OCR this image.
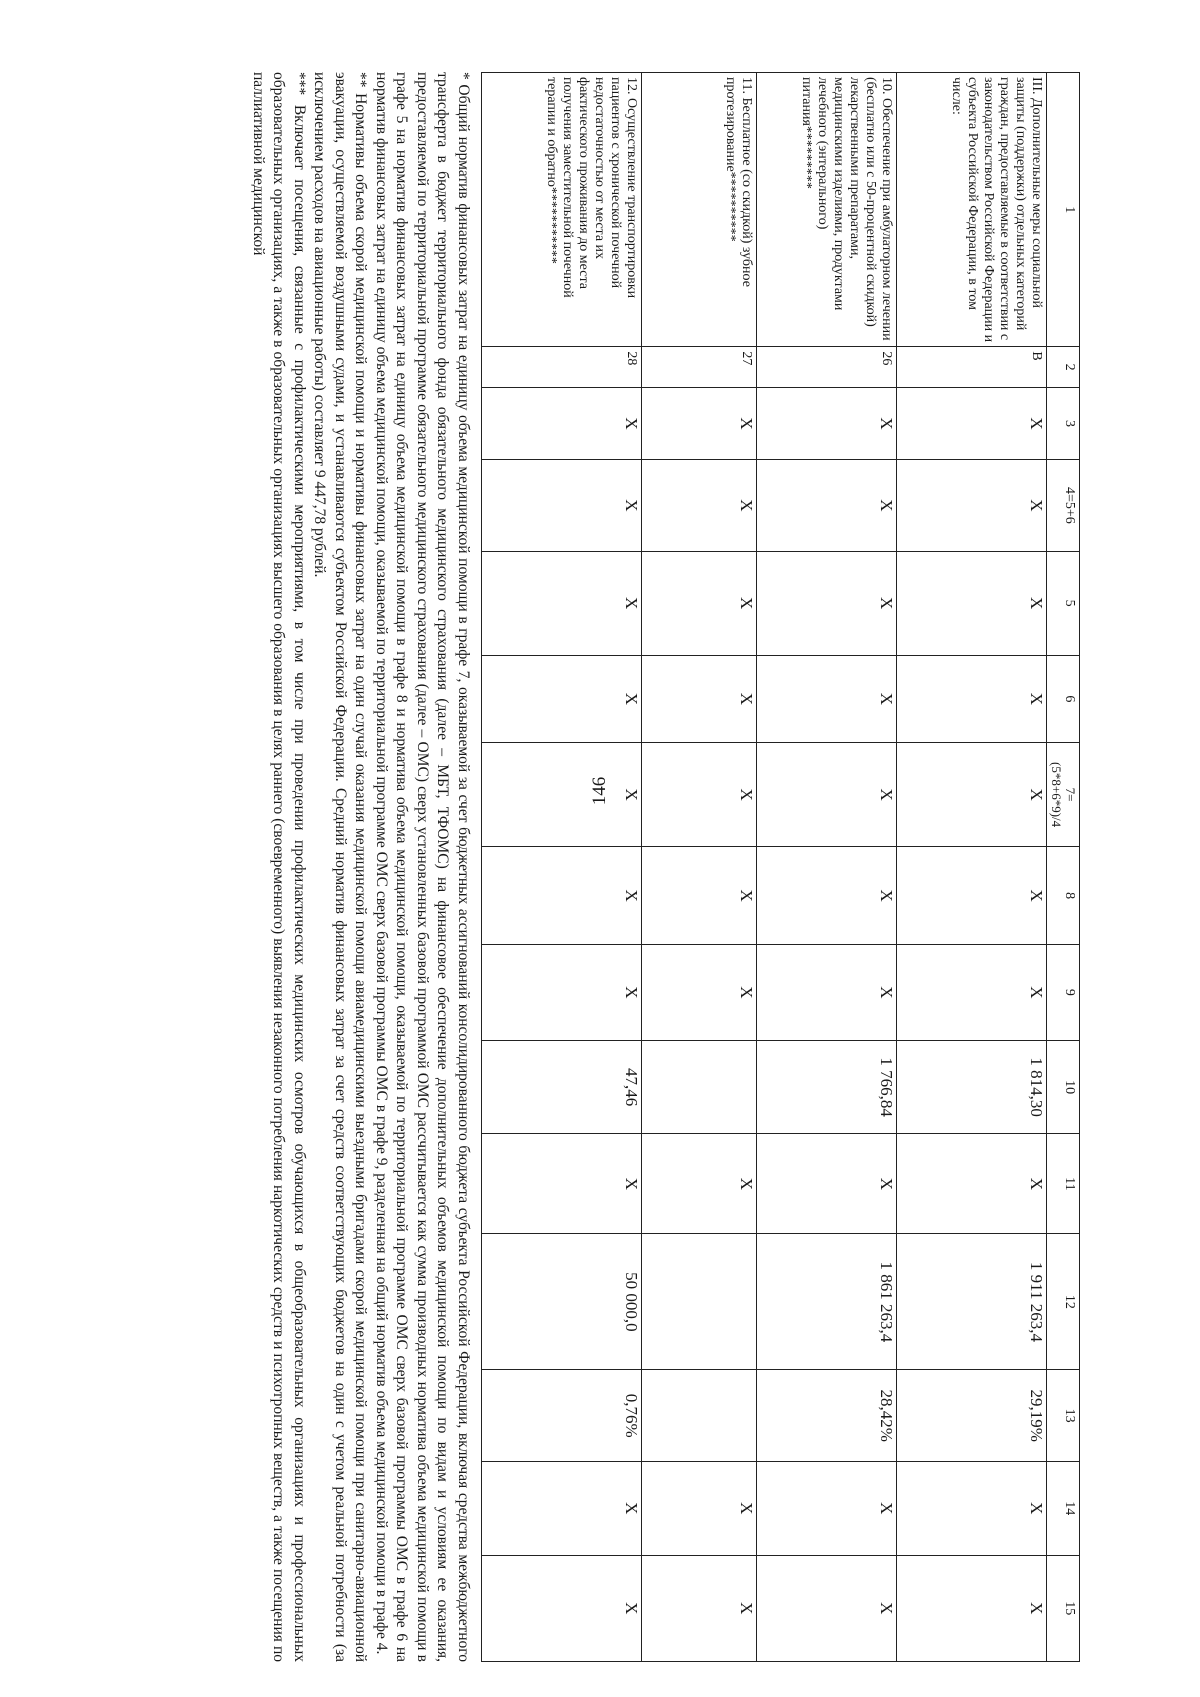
146
1	2	3	4=5+6	5	6	7=
(5*8+6*9)/4	8	9	10	11	12	13	14	15
III. Дополнительные меры социальной защиты (поддержки) отдельных категорий граждан, предоставляемые в соответствии с законодательством Российской Федерации и субъекта Российской Федерации, в том числе:	В	Х	Х	Х	Х	Х	Х	Х	1 814,30	Х	1 911 263,4	29,19%	Х	Х
10. Обеспечение при амбулаторном лечении (бесплатно или с 50-процентной скидкой) лекарственными препаратами, медицинскими изделиями, продуктами лечебного (энтерального) питания*********	26	Х	Х	Х	Х	Х	Х	Х	1 766,84	Х	1 861 263,4	28,42%	Х	Х
11. Бесплатное (со скидкой) зубное протезирование**********	27	Х	Х	Х	Х	Х	Х	Х		Х			Х	Х
12. Осуществление транспортировки пациентов с хронической почечной недостаточностью от места их фактического проживания до места получения заместительной почечной терапии и обратно***********	28	Х	Х	Х	Х	Х	Х	Х	47,46	Х	50 000,0	0,76%	Х	Х

* Общий норматив финансовых затрат на единицу объема медицинской помощи в графе 7, оказываемой за счет бюджетных ассигнований консолидированного бюджета субъекта Российской Федерации, включая средства межбюджетного трансферта в бюджет территориального фонда обязательного медицинского страхования (далее – МБТ, ТФОМС) на финансовое обеспечение дополнительных объемов медицинской помощи по видам и условиям ее оказания, предоставляемой по территориальной программе обязательного медицинского страхования (далее – ОМС) сверх установленных базовой программой ОМС рассчитывается как сумма производных норматива объема медицинской помощи в графе 5 на норматив финансовых затрат на единицу объема медицинской помощи в графе 8 и норматива объема медицинской помощи, оказываемой по территориальной программе ОМС сверх базовой программы ОМС в графе 6 на норматив финансовых затрат на единицу объема медицинской помощи, оказываемой по территориальной программе ОМС сверх базовой программы ОМС в графе 9, разделенная на общий норматив объема медицинской помощи в графе 4.

** Нормативы объема скорой медицинской помощи и нормативы финансовых затрат на один случай оказания медицинской помощи авиамедицинскими выездными бригадами скорой медицинской помощи при санитарно-авиационной эвакуации, осуществляемой воздушными судами, и устанавливаются субъектом Российской Федерации. Средний норматив финансовых затрат за счет средств соответствующих бюджетов на один с учетом реальной потребности (за исключением расходов на авиационные работы) составляет 9 447,78 рублей.

*** Включает посещения, связанные с профилактическими мероприятиями, в том числе при проведении профилактических медицинских осмотров обучающихся в общеобразовательных организациях и профессиональных образовательных организациях, а также в образовательных организациях высшего образования в целях раннего (своевременного) выявления незаконного потребления наркотических средств и психотропных веществ, а также посещения по паллиативной медицинской
